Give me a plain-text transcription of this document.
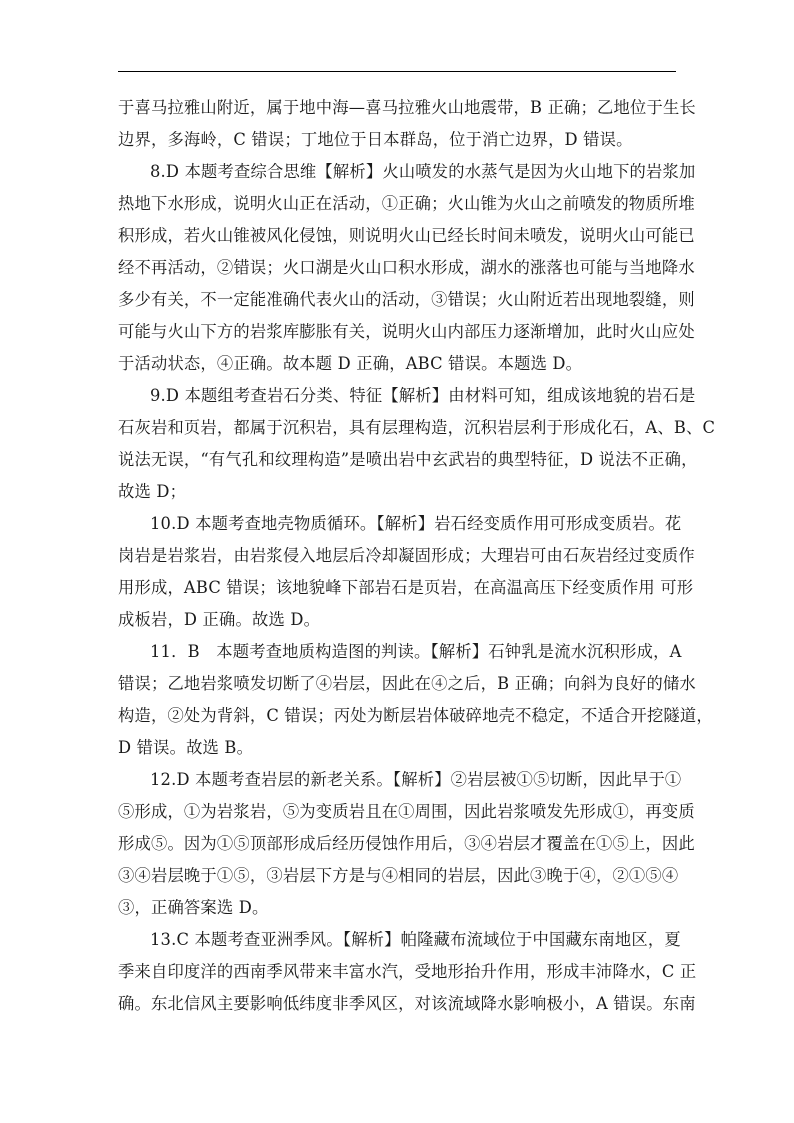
于喜马拉雅山附近，属于地中海—喜马拉雅火山地震带，B 正确；乙地位于生长
边界，多海岭，C 错误；丁地位于日本群岛，位于消亡边界，D 错误。
8.D 本题考查综合思维【解析】火山喷发的水蒸气是因为火山地下的岩浆加
热地下水形成，说明火山正在活动，①正确；火山锥为火山之前喷发的物质所堆
积形成，若火山锥被风化侵蚀，则说明火山已经长时间未喷发，说明火山可能已
经不再活动，②错误；火口湖是火山口积水形成，湖水的涨落也可能与当地降水
多少有关，不一定能准确代表火山的活动，③错误；火山附近若出现地裂缝，则
可能与火山下方的岩浆库膨胀有关，说明火山内部压力逐渐增加，此时火山应处
于活动状态，④正确。故本题 D 正确，ABC 错误。本题选 D。
9.D 本题组考查岩石分类、特征【解析】由材料可知，组成该地貌的岩石是
石灰岩和页岩，都属于沉积岩，具有层理构造，沉积岩层利于形成化石，A、B、C
说法无误，“有气孔和纹理构造”是喷出岩中玄武岩的典型特征，D 说法不正确，
故选 D；
10.D 本题考查地壳物质循环。【解析】岩石经变质作用可形成变质岩。花
岗岩是岩浆岩，由岩浆侵入地层后冷却凝固形成；大理岩可由石灰岩经过变质作
用形成，ABC 错误；该地貌峰下部岩石是页岩，在高温高压下经变质作用 可形
成板岩，D 正确。故选 D。
11．B　本题考查地质构造图的判读。【解析】石钟乳是流水沉积形成，A
错误；乙地岩浆喷发切断了④岩层，因此在④之后，B 正确；向斜为良好的储水
构造，②处为背斜，C 错误；丙处为断层岩体破碎地壳不稳定，不适合开挖隧道，
D 错误。故选 B。
12.D 本题考查岩层的新老关系。【解析】②岩层被①⑤切断，因此早于①
⑤形成，①为岩浆岩，⑤为变质岩且在①周围，因此岩浆喷发先形成①，再变质
形成⑤。因为①⑤顶部形成后经历侵蚀作用后，③④岩层才覆盖在①⑤上，因此
③④岩层晚于①⑤，③岩层下方是与④相同的岩层，因此③晚于④，②①⑤④
③，正确答案选 D。
13.C 本题考查亚洲季风。【解析】帕隆藏布流域位于中国藏东南地区，夏
季来自印度洋的西南季风带来丰富水汽，受地形抬升作用，形成丰沛降水，C 正
确。东北信风主要影响低纬度非季风区，对该流域降水影响极小，A 错误。东南
